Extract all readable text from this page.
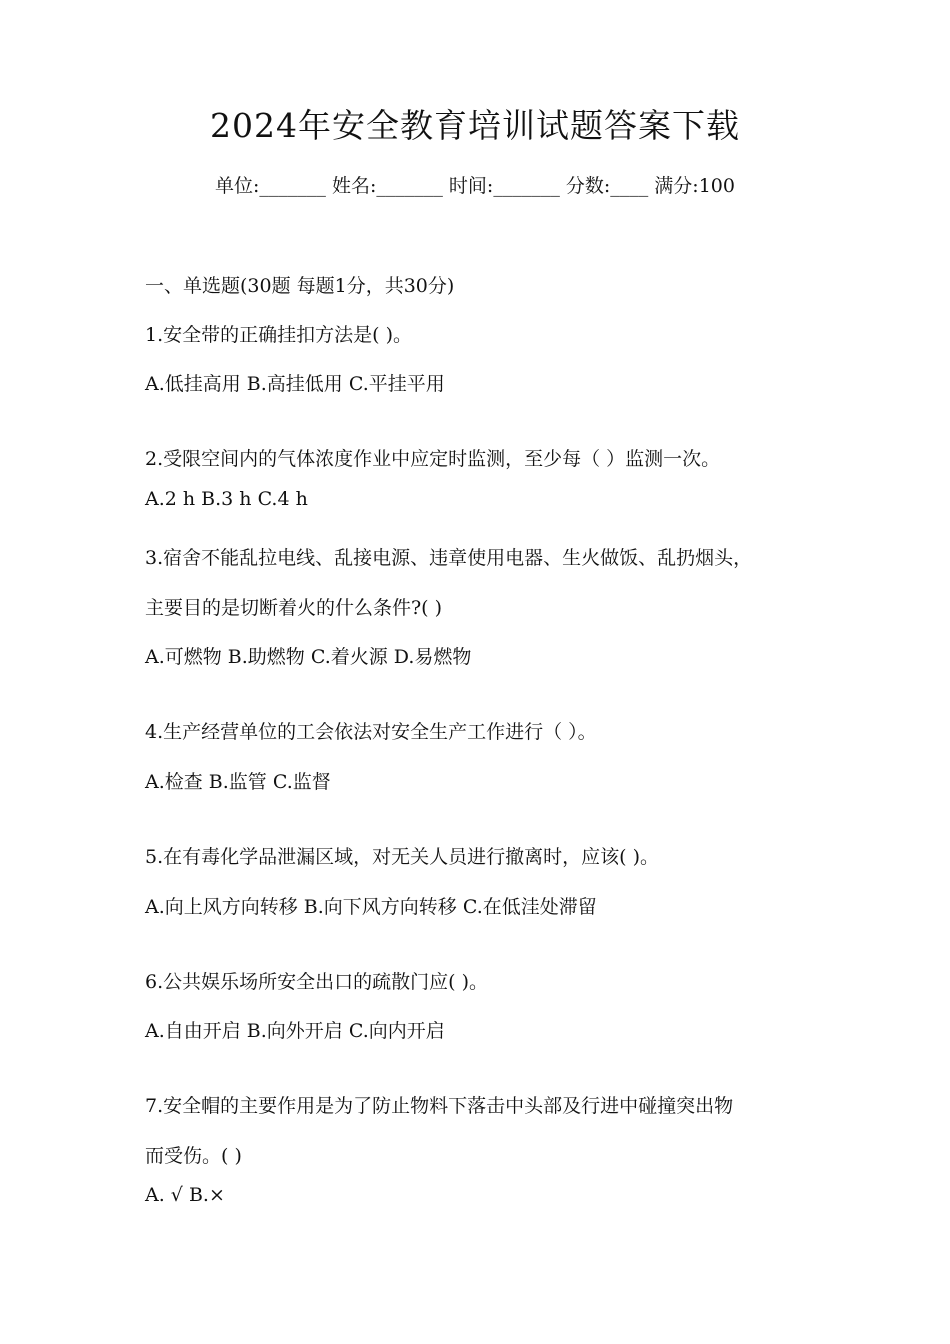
2024年安全教育培训试题答案下载
单位:_______ 姓名:_______ 时间:_______ 分数:____ 满分:100
一、单选题(30题 每题1分，共30分)
1.安全带的正确挂扣方法是( )。
A.低挂高用 B.高挂低用 C.平挂平用
2.受限空间内的气体浓度作业中应定时监测，至少每（ ）监测一次。
A.2 h B.3 h C.4 h
3.宿舍不能乱拉电线、乱接电源、违章使用电器、生火做饭、乱扔烟头，
主要目的是切断着火的什么条件?( )
A.可燃物 B.助燃物 C.着火源 D.易燃物
4.生产经营单位的工会依法对安全生产工作进行（ ）。
A.检查 B.监管 C.监督
5.在有毒化学品泄漏区域，对无关人员进行撤离时，应该( )。
A.向上风方向转移 B.向下风方向转移 C.在低洼处滞留
6.公共娱乐场所安全出口的疏散门应( )。
A.自由开启 B.向外开启 C.向内开启
7.安全帽的主要作用是为了防止物料下落击中头部及行进中碰撞突出物
而受伤。( )
A. √ B.×
